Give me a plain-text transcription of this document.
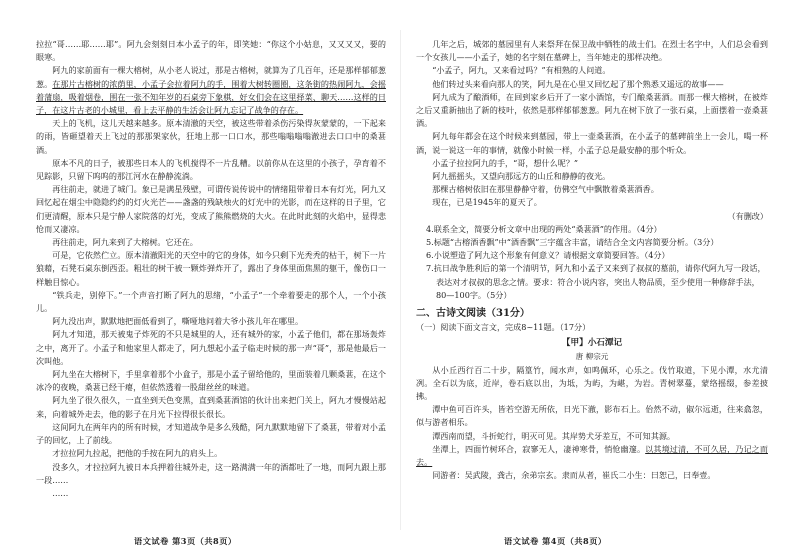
拉拉“哥……耶……耶”。阿九会刻刻日本小孟子的年，即笑她：“你这个小姑息，又又又又，要的眼寒。
阿九的家前面有一棵大榕树，从小老人说过，那是古榕树，就算为了几百年，还是那样郁郁葱葱。在那片古榕树的浓荫里，小孟子会拉着阿九的手，围着大树转圈圈，这条街的热闹阿九，会摇着蒲扇，吸着烟卷，围在一张不知年岁的石桌旁下象棋，好女们会在这里择菜、聊天……这样的日子，在这片古老的小城里，看上去平静的生活会让阿九忘记了战争的存在。
天上的飞机，这儿天越来越多。原本清澈的天空，被这些带着杀伤污染得灰蒙蒙的，一下起来的雨，皆砸望着天上飞过的那那架家伙，狂地上那一口口水，那些嗡嗡嗡嗡澈进去口口中的桑葚酒。
原本不凡的日子，被那些日本人的飞机搅得不一片乱糟。以前你从在这里的小孩子，孕育着不见踪影，只留下呜呜的那江河水在静静流淌。
再往前走，就进了城门。象已是满星残壁，可谓传说传说中的情绪阻带着日本有灯光，阿九又回忆起在烟尘中隐隐约约的灯火光芒——盏盏的残缺烛火的灯光中的光影，而在这样的日子里，它们更清醒，原本只是宁静人家院落的灯光，变成了熊熊燃烧的大火。在此时此刻的火焰中，显得悲怆而又凄凉。
再往前走，阿九来到了大榕树。它还在。
可是，它依然伫立。原本清澈阳光的天空中的它的身体，如今只剩下光秃秃的枯干，树下一片狼藉，石凳石桌东倒西歪。粗壮的树干被一颗炸弹炸开了，露出了身体里面焦黑的躯干，像伤口一样触目惊心。
“铁兵走，别停下。”一个声音打断了阿九的思绪，“小孟子”一个牵着要走的那个人，一个小孩儿。
阿九没出声，默默地把面低看到了，嘶哑地问着大爷小孩儿年在哪里。
阿九才知道，那天被鬼子炸死的不只是城里的人，还有城外的家，小孟子他们，都在那场轰炸之中，离开了。小孟子和他家里人都走了，阿九想起小孟子临走时候的那一声“哥”，那是他最后一次叫他。
阿九坐在大榕树下，手里拿着那个小盒子，那是小孟子留给他的，里面装着几颗桑葚，在这个冰冷的夜晚，桑葚已经干瘪，但依然透着一股甜丝丝的味道。
阿九坐了很久很久，一直坐到天色变黑，直到桑葚酒馆的伙计出来把门关上，阿九才慢慢站起来，向着城外走去，他的影子在月光下拉得很长很长。
这间阿九在两年内的所有时候，才知道战争是多么残酷，阿九默默地留下了桑葚，带着对小孟子的回忆，上了前线。
才拉拉阿九拉起，把他的手按在阿九的肩头上。
没多久，才拉拉阿九被日本兵押着往城外走，这一路满满一年的酒都吐了一地，而阿九跟上那一段……
……
几年之后，城郊的墓园里有人来祭拜在保卫战中牺牲的战士们。在烈士名字中，人们总会看到一个女孩儿——小孟子，她的名字刻在墓碑上，当年她走的那样决绝。
“小孟子，阿九，又来看过吗？”有相熟的人问道。
他们转过头来看向那人的笑，阿九是在心里又回忆起了那个熟悉又遥远的故事——
阿九成为了酿酒师，在回到家乡后开了一家小酒馆，专门酿桑葚酒。而那一棵大榕树，在被炸之后又重新抽出了新的枝叶，依然是那样郁郁葱葱。阿九在树下放了一张石桌，上面摆着一壶桑葚酒。
阿九每年都会在这个时候来到墓园，带上一壶桑葚酒，在小孟子的墓碑前坐上一会儿，喝一杯酒，说一说这一年的事情，就像小时候一样，小孟子总是最安静的那个听众。
小孟子拉拉阿九的手，“哥，想什么呢？”
阿九摇摇头，又望向那远方的山丘和静静的夜光。
那棵古榕树依旧在那里静静守着，仿佛空气中飘散着桑葚酒香。
现在，已是1945年的夏天了。
（有删改）
4.联系全文，简要分析文章中出现的两处“桑葚酒”的作用。（4分）
5.标题“古榕酒香飘”中“酒香飘”三字蕴含丰富，请结合全文内容简要分析。（3分）
6.小说塑造了阿九这个形象有何意义？请根据文章简要回答。（4分）
7.抗日战争胜利后的第一个清明节，阿九和小孟子又来到了叔叔的墓前，请你代阿九写一段话，表达对才叔叔的思念之情。要求：符合小说内容，突出人物品质，至少使用一种修辞手法，80—100字。（5分）
二、古诗文阅读（31分）
（一）阅读下面文言文，完成8~11题。（17分）
【甲】小石潭记
唐 柳宗元
从小丘西行百二十步，隔篁竹，闻水声，如鸣佩环，心乐之。伐竹取道，下见小潭，水尤清冽。全石以为底，近岸，卷石底以出，为坻，为屿，为嵁，为岩。青树翠蔓，蒙络摇缀，参差披拂。
潭中鱼可百许头，皆若空游无所依，日光下澈，影布石上。佁然不动，俶尔远逝，往来翕忽，似与游者相乐。
潭西南而望，斗折蛇行，明灭可见。其岸势犬牙差互，不可知其源。
坐潭上，四面竹树环合，寂寥无人，凄神寒骨，悄怆幽邃。以其境过清，不可久居，乃记之而去。
同游者：吴武陵，龚古，余弟宗玄。隶而从者，崔氏二小生：曰恕己，曰奉壹。
语文试卷 第3页（共8页）	语文试卷 第4页（共8页）
